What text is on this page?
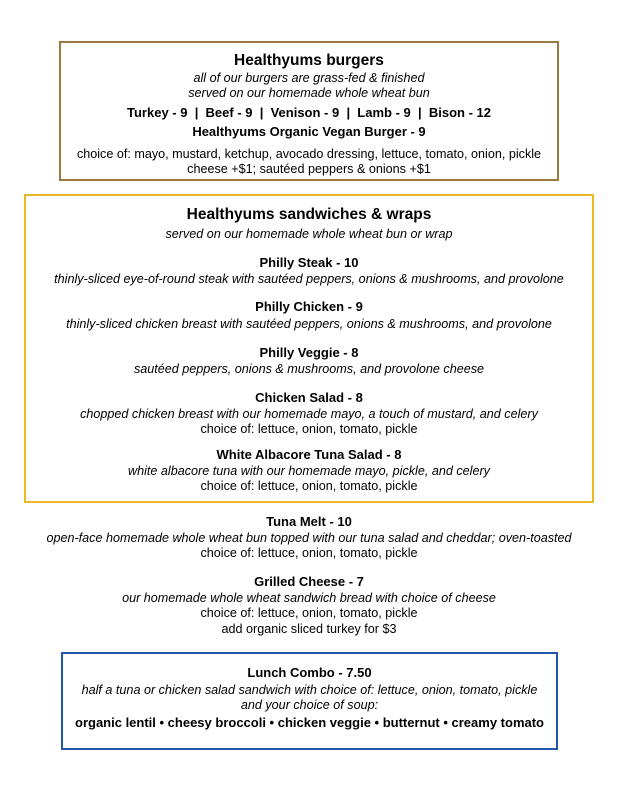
Healthyums burgers
all of our burgers are grass-fed & finished
served on our homemade whole wheat bun
Turkey - 9  |  Beef - 9  |  Venison - 9  |  Lamb - 9  |  Bison - 12
Healthyums Organic Vegan Burger - 9
choice of: mayo, mustard, ketchup, avocado dressing, lettuce, tomato, onion, pickle
cheese +$1; sautéed peppers & onions +$1
Healthyums sandwiches & wraps
served on our homemade whole wheat bun or wrap
Philly Steak - 10
thinly-sliced eye-of-round steak with sautéed peppers, onions & mushrooms, and provolone
Philly Chicken - 9
thinly-sliced chicken breast with sautéed peppers, onions & mushrooms, and provolone
Philly Veggie - 8
sautéed peppers, onions & mushrooms, and provolone cheese
Chicken Salad - 8
chopped chicken breast with our homemade mayo, a touch of mustard, and celery
choice of: lettuce, onion, tomato, pickle
White Albacore Tuna Salad - 8
white albacore tuna with our homemade mayo, pickle, and celery
choice of: lettuce, onion, tomato, pickle
Tuna Melt - 10
open-face homemade whole wheat bun topped with our tuna salad and cheddar; oven-toasted
choice of: lettuce, onion, tomato, pickle
Grilled Cheese - 7
our homemade whole wheat sandwich bread with choice of cheese
choice of: lettuce, onion, tomato, pickle
add organic sliced turkey for $3
Lunch Combo - 7.50
half a tuna or chicken salad sandwich with choice of: lettuce, onion, tomato, pickle
and your choice of soup:
organic lentil • cheesy broccoli • chicken veggie • butternut • creamy tomato
